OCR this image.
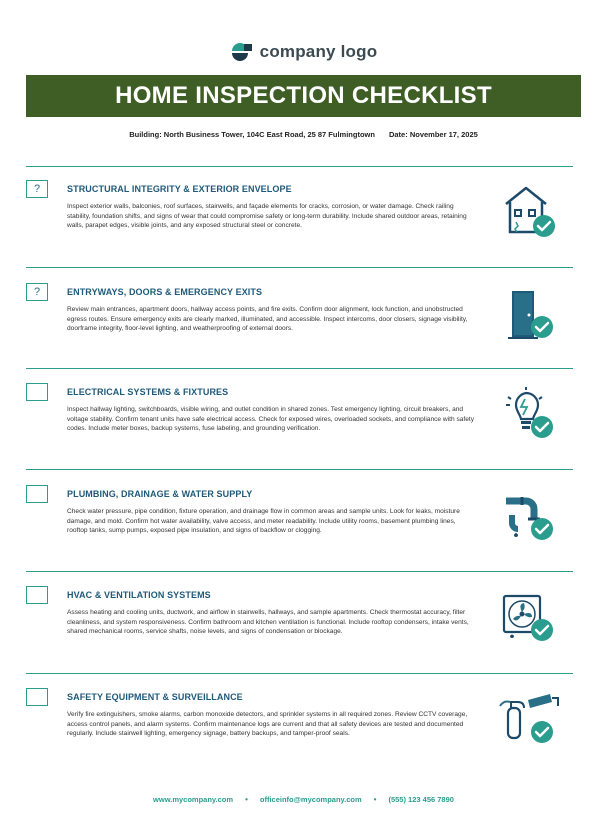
company logo
HOME INSPECTION CHECKLIST
Building: North Business Tower, 104C East Road, 25 87 Fulmingtown Date: November 17, 2025
?	STRUCTURAL INTEGRITY & EXTERIOR ENVELOPE
Inspect exterior walls, balconies, roof surfaces, stairwells, and façade elements for cracks, corrosion, or water damage. Check railing stability, foundation shifts, and signs of wear that could compromise safety or long-term durability. Include shared outdoor areas, retaining walls, parapet edges, visible joints, and any exposed structural steel or concrete.
?	ENTRYWAYS, DOORS & EMERGENCY EXITS
Review main entrances, apartment doors, hallway access points, and fire exits. Confirm door alignment, lock function, and unobstructed egress routes. Ensure emergency exits are clearly marked, illuminated, and accessible. Inspect intercoms, door closers, signage visibility, doorframe integrity, floor-level lighting, and weatherproofing of external doors.
ELECTRICAL SYSTEMS & FIXTURES
Inspect hallway lighting, switchboards, visible wiring, and outlet condition in shared zones. Test emergency lighting, circuit breakers, and voltage stability. Confirm tenant units have safe electrical access. Check for exposed wires, overloaded sockets, and compliance with safety codes. Include meter boxes, backup systems, fuse labeling, and grounding verification.
PLUMBING, DRAINAGE & WATER SUPPLY
Check water pressure, pipe condition, fixture operation, and drainage flow in common areas and sample units. Look for leaks, moisture damage, and mold. Confirm hot water availability, valve access, and meter readability. Include utility rooms, basement plumbing lines, rooftop tanks, sump pumps, exposed pipe insulation, and signs of backflow or clogging.
HVAC & VENTILATION SYSTEMS
Assess heating and cooling units, ductwork, and airflow in stairwells, hallways, and sample apartments. Check thermostat accuracy, filter cleanliness, and system responsiveness. Confirm bathroom and kitchen ventilation is functional. Include rooftop condensers, intake vents, shared mechanical rooms, service shafts, noise levels, and signs of condensation or blockage.
SAFETY EQUIPMENT & SURVEILLANCE
Verify fire extinguishers, smoke alarms, carbon monoxide detectors, and sprinkler systems in all required zones. Review CCTV coverage, access control panels, and alarm systems. Confirm maintenance logs are current and that all safety devices are tested and documented regularly. Include stairwell lighting, emergency signage, battery backups, and tamper-proof seals.
www.mycompany.com • officeinfo@mycompany.com • (555) 123 456 7890
